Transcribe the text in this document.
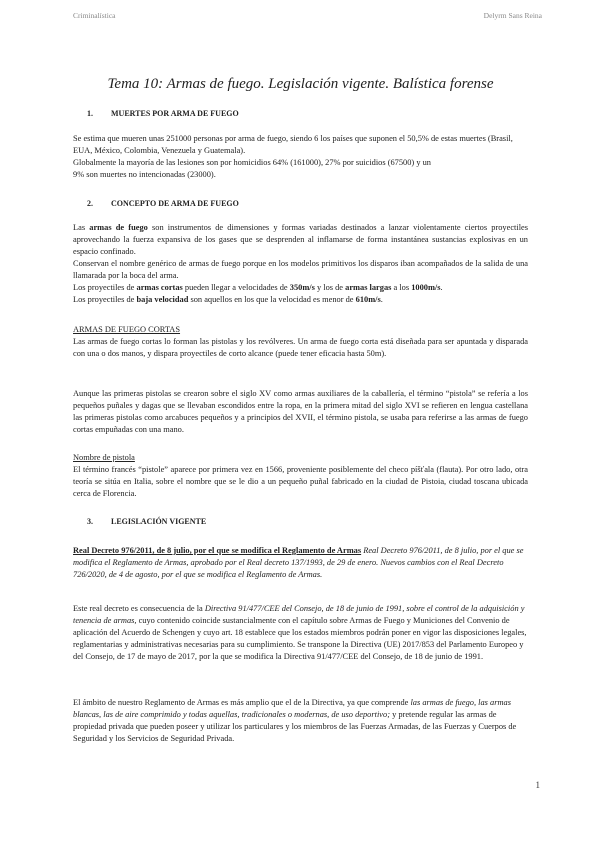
Criminalística	Delyrm Sans Reina
Tema 10: Armas de fuego. Legislación vigente. Balística forense
1. MUERTES POR ARMA DE FUEGO
Se estima que mueren unas 251000 personas por arma de fuego, siendo 6 los países que suponen el 50,5% de estas muertes (Brasil, EUA, México, Colombia, Venezuela y Guatemala).
Globalmente la mayoría de las lesiones son por homicidios 64% (161000), 27% por suicidios (67500) y un
9% son muertes no intencionadas (23000).
2. CONCEPTO DE ARMA DE FUEGO
Las armas de fuego son instrumentos de dimensiones y formas variadas destinados a lanzar violentamente ciertos proyectiles aprovechando la fuerza expansiva de los gases que se desprenden al inflamarse de forma instantánea sustancias explosivas en un espacio confinado.
Conservan el nombre genérico de armas de fuego porque en los modelos primitivos los disparos iban acompañados de la salida de una llamarada por la boca del arma.
Los proyectiles de armas cortas pueden llegar a velocidades de 350m/s y los de armas largas a los 1000m/s.
Los proyectiles de baja velocidad son aquellos en los que la velocidad es menor de 610m/s.
ARMAS DE FUEGO CORTAS
Las armas de fuego cortas lo forman las pistolas y los revólveres. Un arma de fuego corta está diseñada para ser apuntada y disparada con una o dos manos, y dispara proyectiles de corto alcance (puede tener eficacia hasta 50m).
Aunque las primeras pistolas se crearon sobre el siglo XV como armas auxiliares de la caballería, el término “pistola” se refería a los pequeños puñales y dagas que se llevaban escondidos entre la ropa, en la primera mitad del siglo XVI se refieren en lengua castellana las primeras pistolas como arcabuces pequeños y a principios del XVII, el término pistola, se usaba para referirse a las armas de fuego cortas empuñadas con una mano.
Nombre de pistola
El término francés “pistole” aparece por primera vez en 1566, proveniente posiblemente del checo píšťala (flauta). Por otro lado, otra teoría se sitúa en Italia, sobre el nombre que se le dio a un pequeño puñal fabricado en la ciudad de Pistoia, ciudad toscana ubicada cerca de Florencia.
3. LEGISLACIÓN VIGENTE
Real Decreto 976/2011, de 8 julio, por el que se modifica el Reglamento de Armas Real Decreto 976/2011, de 8 julio, por el que se modifica el Reglamento de Armas, aprobado por el Real decreto 137/1993, de 29 de enero. Nuevos cambios con el Real Decreto 726/2020, de 4 de agosto, por el que se modifica el Reglamento de Armas.
Este real decreto es consecuencia de la Directiva 91/477/CEE del Consejo, de 18 de junio de 1991, sobre el control de la adquisición y tenencia de armas, cuyo contenido coincide sustancialmente con el capítulo sobre Armas de Fuego y Municiones del Convenio de aplicación del Acuerdo de Schengen y cuyo art. 18 establece que los estados miembros podrán poner en vigor las disposiciones legales, reglamentarias y administrativas necesarias para su cumplimiento. Se transpone la Directiva (UE) 2017/853 del Parlamento Europeo y del Consejo, de 17 de mayo de 2017, por la que se modifica la Directiva 91/477/CEE del Consejo, de 18 de junio de 1991.
El ámbito de nuestro Reglamento de Armas es más amplio que el de la Directiva, ya que comprende las armas de fuego, las armas blancas, las de aire comprimido y todas aquellas, tradicionales o modernas, de uso deportivo; y pretende regular las armas de propiedad privada que pueden poseer y utilizar los particulares y los miembros de las Fuerzas Armadas, de las Fuerzas y Cuerpos de Seguridad y los Servicios de Seguridad Privada.
1
